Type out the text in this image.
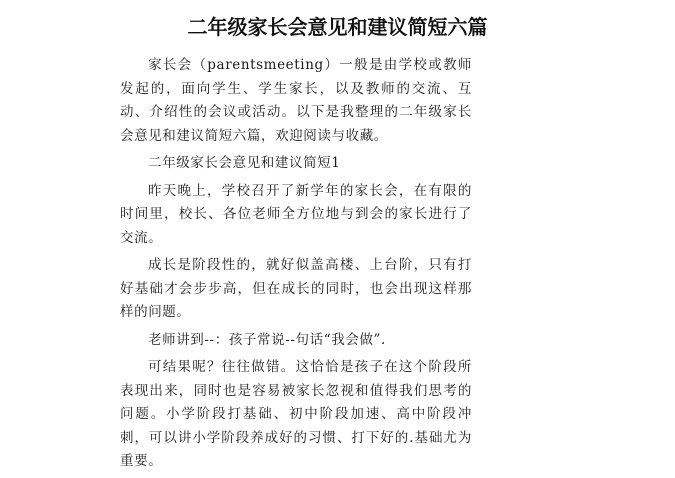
二年级家长会意见和建议简短六篇

家长会（parentsmeeting）一般是由学校或教师发起的，面向学生、学生家长，以及教师的交流、互动、介绍性的会议或活动。以下是我整理的二年级家长会意见和建议简短六篇，欢迎阅读与收藏。

二年级家长会意见和建议简短1

昨天晚上，学校召开了新学年的家长会，在有限的时间里，校长、各位老师全方位地与到会的家长进行了交流。

成长是阶段性的，就好似盖高楼、上台阶，只有打好基础才会步步高，但在成长的同时，也会出现这样那样的问题。

老师讲到--：孩子常说--句话“我会做”.

可结果呢？往往做错。这恰恰是孩子在这个阶段所表现出来，同时也是容易被家长忽视和值得我们思考的问题。小学阶段打基础、初中阶段加速、高中阶段冲刺，可以讲小学阶段养成好的习惯、打下好的.基础尤为重要。
